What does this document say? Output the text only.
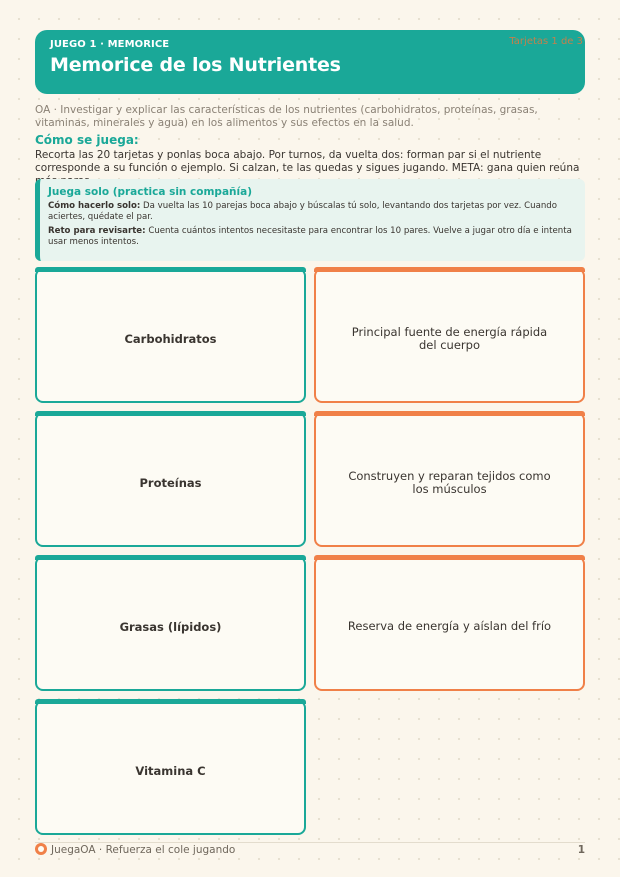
JUEGO 1 · MEMORICE
Memorice de los Nutrientes
Tarjetas 1 de 3
OA · Investigar y explicar las características de los nutrientes (carbohidratos, proteínas, grasas, vitaminas, minerales y agua) en los alimentos y sus efectos en la salud.
Cómo se juega:
Recorta las 20 tarjetas y ponlas boca abajo. Por turnos, da vuelta dos: forman par si el nutriente corresponde a su función o ejemplo. Si calzan, te las quedas y sigues jugando. META: gana quien reúna
Juega solo (practica sin compañía)
Cómo hacerlo solo: Da vuelta las 10 parejas boca abajo y búscalas tú solo, levantando dos tarjetas por vez. Cuando aciertes, quédate el par.
Reto para revisarte: Cuenta cuántos intentos necesitaste para encontrar los 10 pares. Vuelve a jugar otro día e intenta usar menos intentos.
Carbohidratos	Principal fuente de energía rápida del cuerpo
Proteínas	Construyen y reparan tejidos como los músculos
Grasas (lípidos)	Reserva de energía y aíslan del frío
Vitamina C
JuegaOA · Refuerza el cole jugando	1
